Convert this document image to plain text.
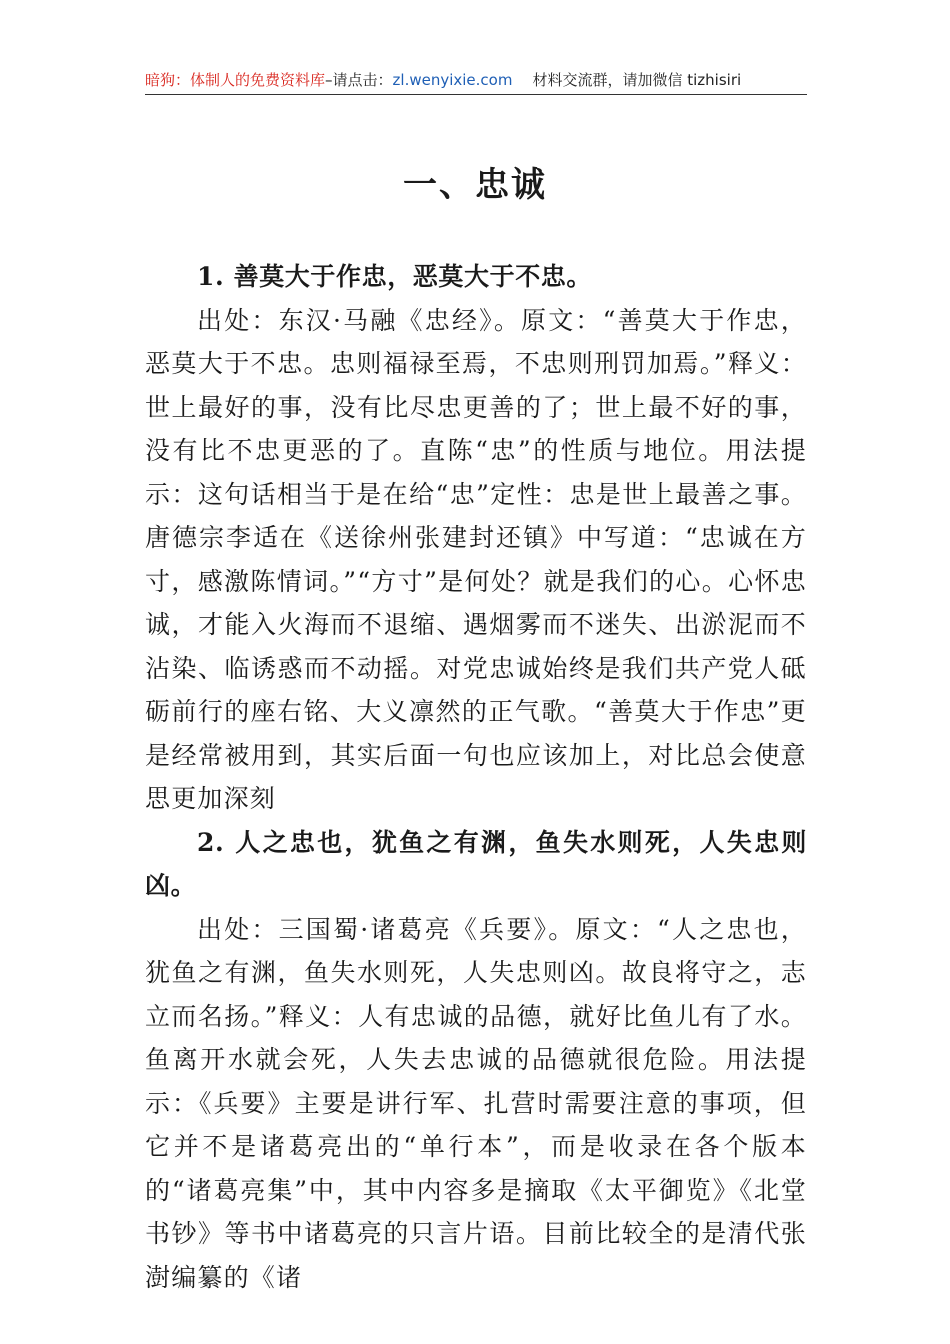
暗狗：体制人的免费资料库–请点击：zl.wenyixie.com 材料交流群，请加微信 tizhisiri
一、忠诚

1. 善莫大于作忠，恶莫大于不忠。

出处：东汉·马融《忠经》。原文：“善莫大于作忠，恶莫大于不忠。忠则福禄至焉，不忠则刑罚加焉。”释义：世上最好的事，没有比尽忠更善的了；世上最不好的事，没有比不忠更恶的了。直陈“忠”的性质与地位。用法提示：这句话相当于是在给“忠”定性：忠是世上最善之事。唐德宗李适在《送徐州张建封还镇》中写道：“忠诚在方寸，感激陈情词。”“方寸”是何处？就是我们的心。心怀忠诚，才能入火海而不退缩、遇烟雾而不迷失、出淤泥而不沾染、临诱惑而不动摇。对党忠诚始终是我们共产党人砥砺前行的座右铭、大义凛然的正气歌。“善莫大于作忠”更是经常被用到，其实后面一句也应该加上，对比总会使意思更加深刻

2. 人之忠也，犹鱼之有渊，鱼失水则死，人失忠则凶。

出处：三国蜀·诸葛亮《兵要》。原文：“人之忠也，犹鱼之有渊，鱼失水则死，人失忠则凶。故良将守之，志立而名扬。”释义：人有忠诚的品德，就好比鱼儿有了水。鱼离开水就会死，人失去忠诚的品德就很危险。用法提示：《兵要》主要是讲行军、扎营时需要注意的事项，但它并不是诸葛亮出的“单行本”，而是收录在各个版本的“诸葛亮集”中，其中内容多是摘取《太平御览》《北堂书钞》等书中诸葛亮的只言片语。目前比较全的是清代张澍编纂的《诸
